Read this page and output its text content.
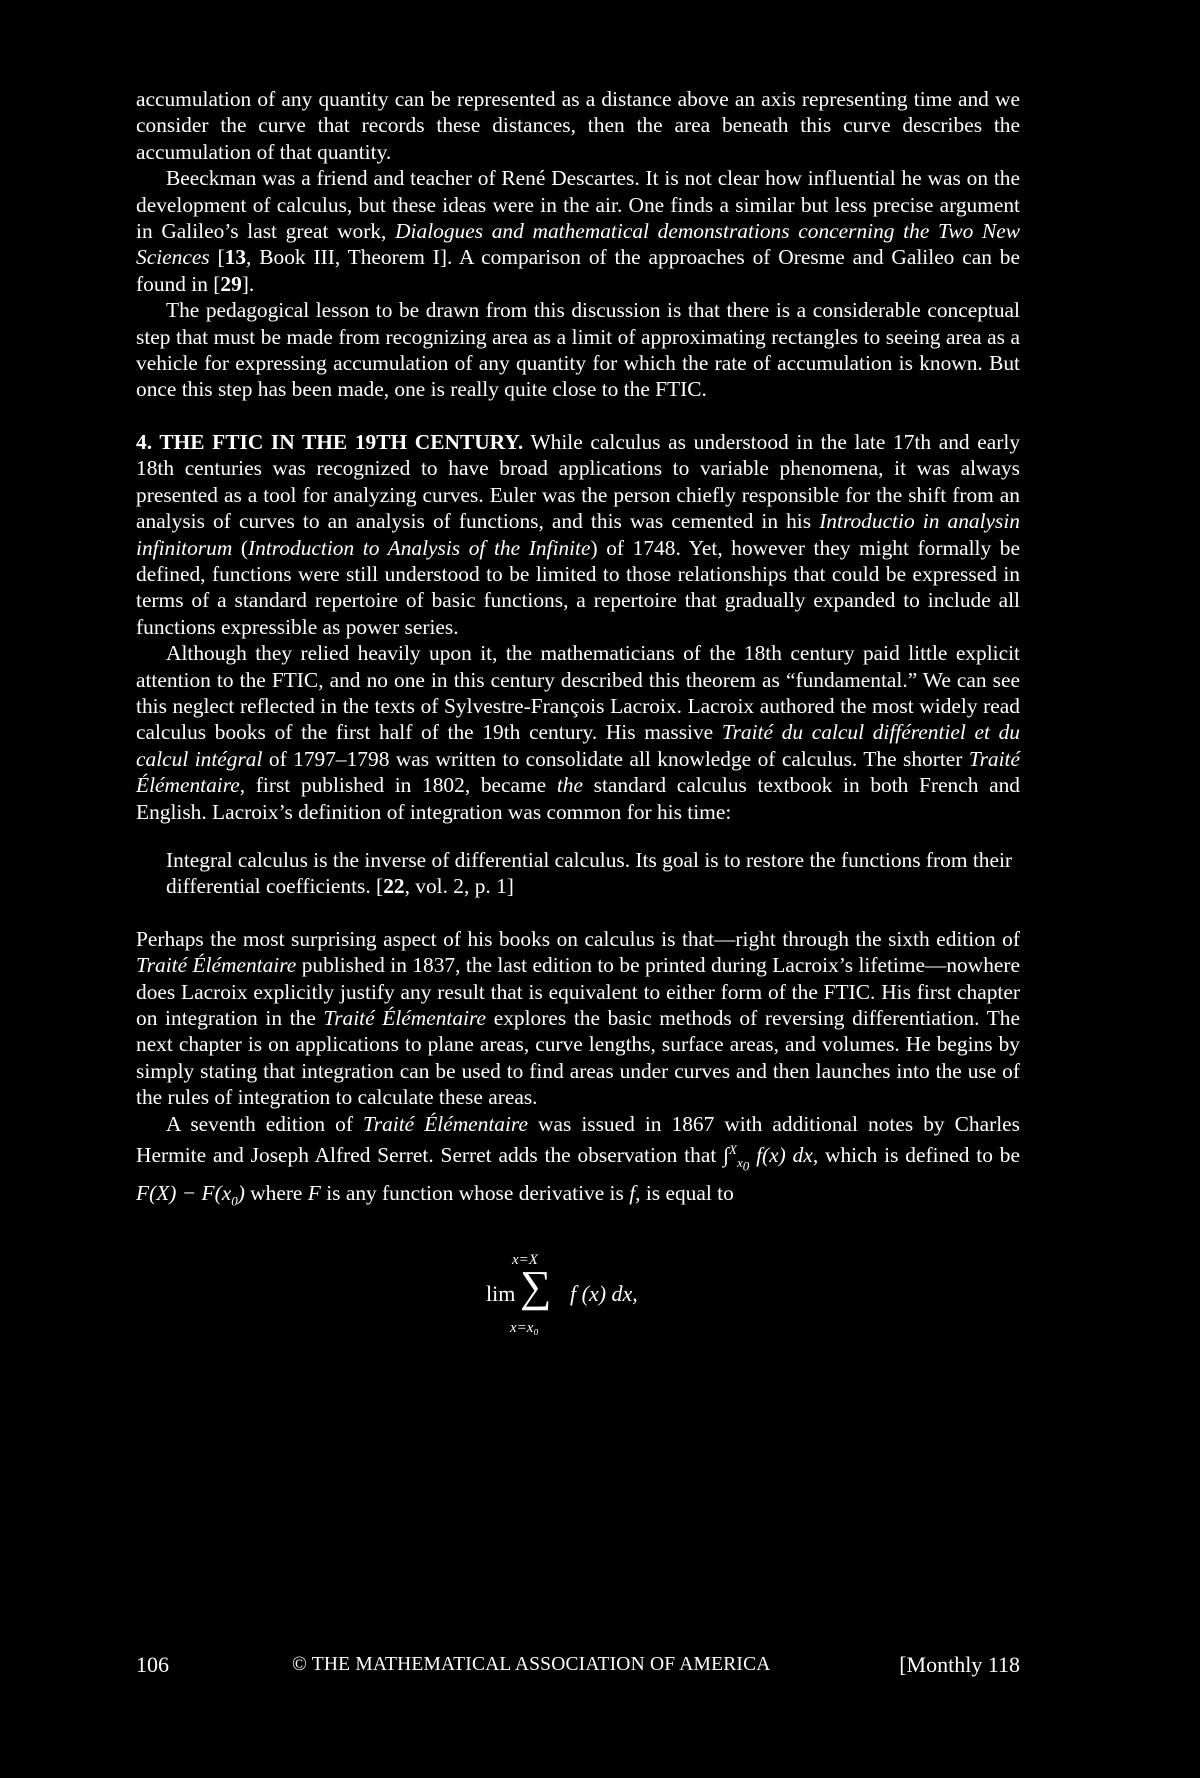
accumulation of any quantity can be represented as a distance above an axis representing time and we consider the curve that records these distances, then the area beneath this curve describes the accumulation of that quantity.

Beeckman was a friend and teacher of René Descartes. It is not clear how influential he was on the development of calculus, but these ideas were in the air. One finds a similar but less precise argument in Galileo’s last great work, Dialogues and mathematical demonstrations concerning the Two New Sciences [13, Book III, Theorem I]. A comparison of the approaches of Oresme and Galileo can be found in [29].

The pedagogical lesson to be drawn from this discussion is that there is a considerable conceptual step that must be made from recognizing area as a limit of approximating rectangles to seeing area as a vehicle for expressing accumulation of any quantity for which the rate of accumulation is known. But once this step has been made, one is really quite close to the FTIC.

4. THE FTIC IN THE 19TH CENTURY. While calculus as understood in the late 17th and early 18th centuries was recognized to have broad applications to variable phenomena, it was always presented as a tool for analyzing curves. Euler was the person chiefly responsible for the shift from an analysis of curves to an analysis of functions, and this was cemented in his Introductio in analysin infinitorum (Introduction to Analysis of the Infinite) of 1748. Yet, however they might formally be defined, functions were still understood to be limited to those relationships that could be expressed in terms of a standard repertoire of basic functions, a repertoire that gradually expanded to include all functions expressible as power series.

Although they relied heavily upon it, the mathematicians of the 18th century paid little explicit attention to the FTIC, and no one in this century described this theorem as “fundamental.” We can see this neglect reflected in the texts of Sylvestre-François Lacroix. Lacroix authored the most widely read calculus books of the first half of the 19th century. His massive Traité du calcul différentiel et du calcul intégral of 1797–1798 was written to consolidate all knowledge of calculus. The shorter Traité Élémentaire, first published in 1802, became the standard calculus textbook in both French and English. Lacroix’s definition of integration was common for his time:

Integral calculus is the inverse of differential calculus. Its goal is to restore the functions from their differential coefficients. [22, vol. 2, p. 1]

Perhaps the most surprising aspect of his books on calculus is that—right through the sixth edition of Traité Élémentaire published in 1837, the last edition to be printed during Lacroix’s lifetime—nowhere does Lacroix explicitly justify any result that is equivalent to either form of the FTIC. His first chapter on integration in the Traité Élémentaire explores the basic methods of reversing differentiation. The next chapter is on applications to plane areas, curve lengths, surface areas, and volumes. He begins by simply stating that integration can be used to find areas under curves and then launches into the use of the rules of integration to calculate these areas.

A seventh edition of Traité Élémentaire was issued in 1867 with additional notes by Charles Hermite and Joseph Alfred Serret. Serret adds the observation that ∫$^X_{x_0}$ f(x) dx, which is defined to be $F(X) - F(x_0)$ where F is any function whose derivative is f, is equal to

lim
x=X
∑
x=x₀
f (x) dx,
106	© THE MATHEMATICAL ASSOCIATION OF AMERICA	[Monthly 118
